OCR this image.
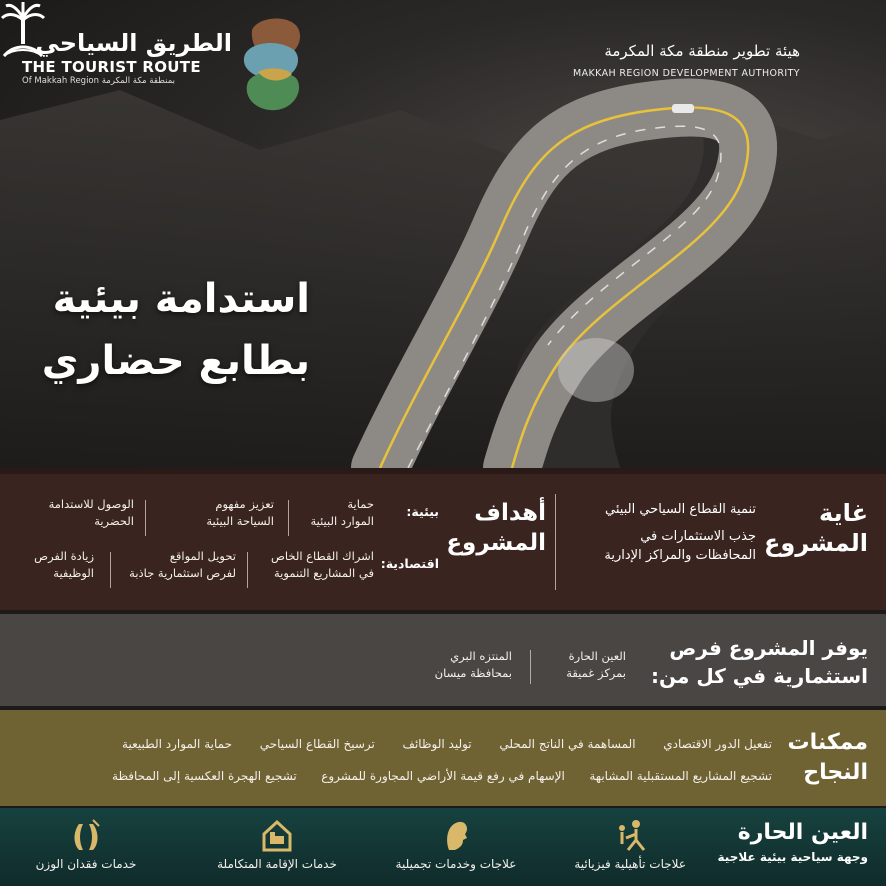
الطريق السياحي
THE TOURIST ROUTE
Of Makkah Region بمنطقة مكة المكرمة
هيئة تطوير منطقة مكة المكرمة
MAKKAH REGION DEVELOPMENT AUTHORITY
استدامة بيئية
بطابع حضاري
غاية
المشروع
تنمية القطاع السياحي البيئي
جذب الاستثمارات في
المحافظات والمراكز الإدارية
أهداف
المشروع
بيئية:
حماية
الموارد البيئية
تعزيز مفهوم
السياحة البيئية
الوصول للاستدامة
الحضرية
اقتصادية:
اشراك القطاع الخاص
في المشاريع التنموية
تحويل المواقع
لفرص استثمارية جاذبة
زيادة الفرص
الوظيفية
يوفر المشروع فرص
استثمارية في كل من:
العين الحارة
بمركز غميقة
المنتزه البري
بمحافظة ميسان
ممكنات
النجاح
تفعيل الدور الاقتصادي
المساهمة في الناتج المحلي
توليد الوظائف
ترسيخ القطاع السياحي
حماية الموارد الطبيعية
تشجيع المشاريع المستقبلية المشابهة
الإسهام في رفع قيمة الأراضي المجاورة للمشروع
تشجيع الهجرة العكسية إلى المحافظة
العين الحارة
وجهة سياحية بيئية علاجية
علاجات تأهيلية فيزيائية
علاجات وخدمات تجميلية
خدمات الإقامة المتكاملة
خدمات فقدان الوزن
